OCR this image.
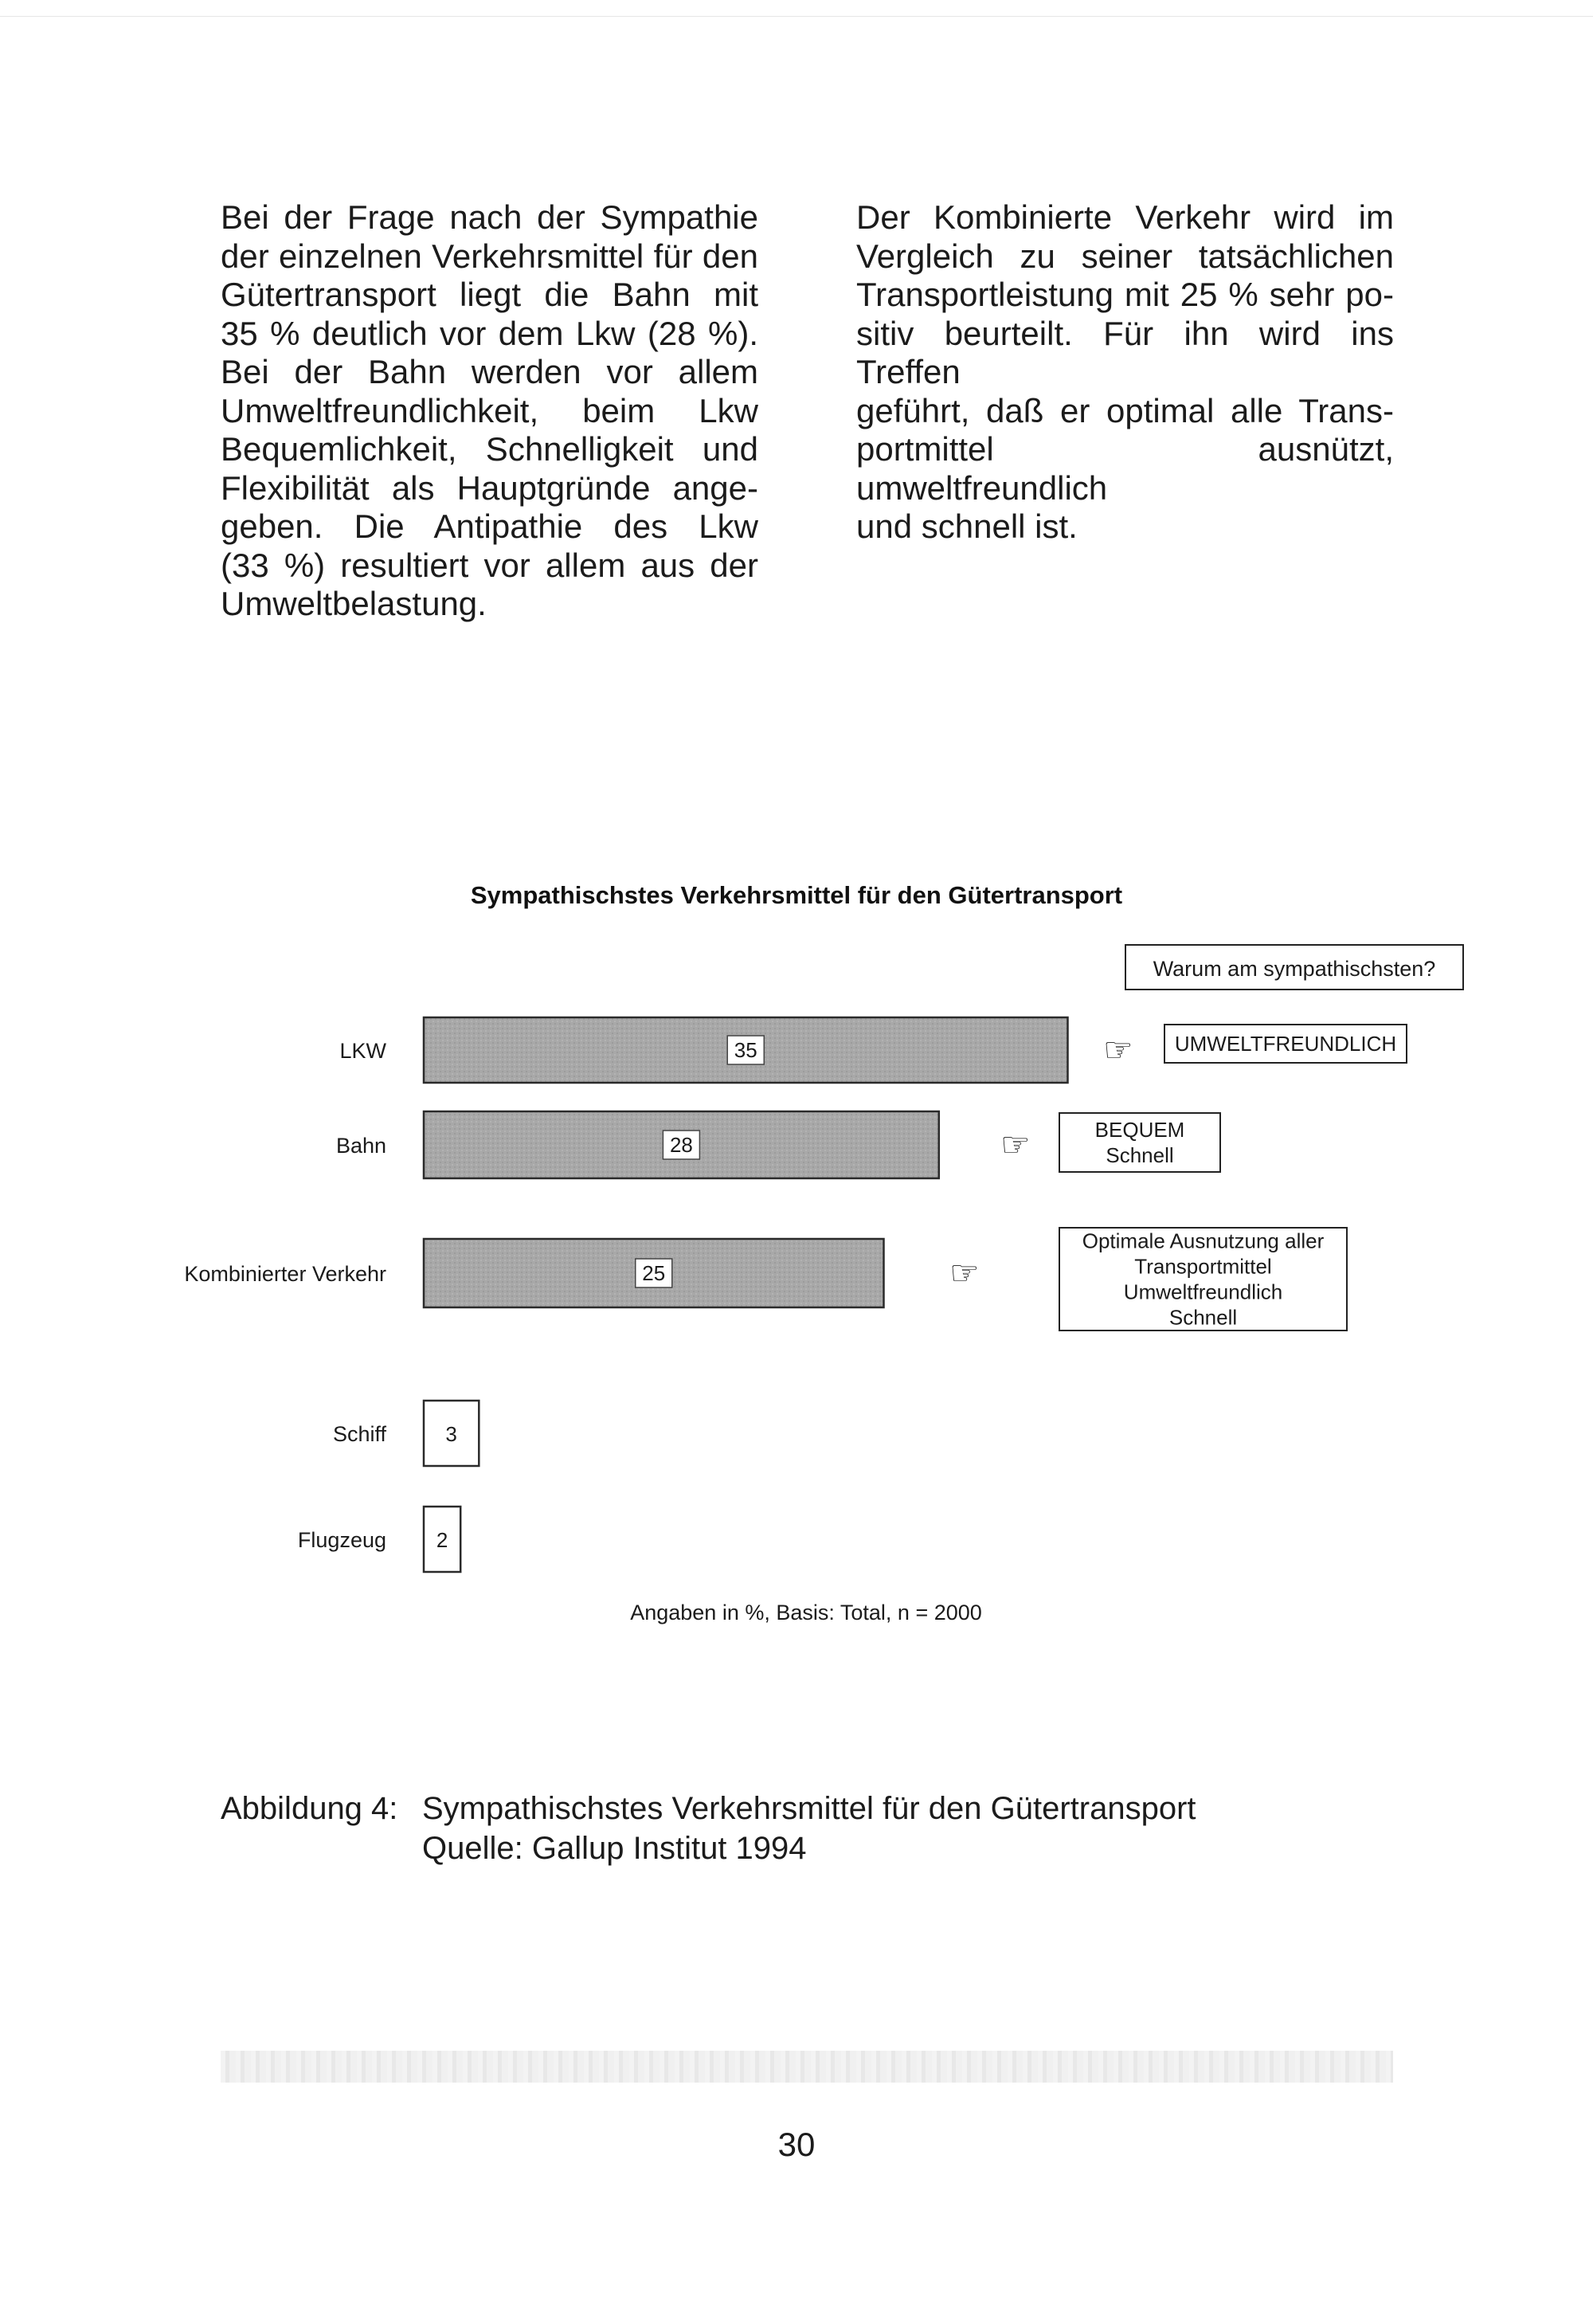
Bei der Frage nach der Sympathie

der einzelnen Verkehrsmittel für den

Gütertransport liegt die Bahn mit

35 % deutlich vor dem Lkw (28 %).

Bei der Bahn werden vor allem

Umweltfreundlichkeit, beim Lkw

Bequemlichkeit, Schnelligkeit und

Flexibilität als Hauptgründe ange-

geben. Die Antipathie des Lkw

(33 %) resultiert vor allem aus der

Umweltbelastung.

Der Kombinierte Verkehr wird im

Vergleich zu seiner tatsächlichen

Transportleistung mit 25 % sehr po-

sitiv beurteilt. Für ihn wird ins Treffen

geführt, daß er optimal alle Trans-

portmittel ausnützt, umweltfreundlich

und schnell ist.

Sympathischstes Verkehrsmittel für den Gütertransport
LKW	35	☞ UMWELTFREUNDLICH
Bahn	28	☞	BEQUEM
Schnell
Kombinierter Verkehr	25	☞
Optimale Ausnutzung aller
Transportmittel
Umweltfreundlich
Schnell
Schiff	3
Flugzeug 2
Warum am sympathischsten?
Angaben in %, Basis: Total, n = 2000
Abbildung 4: Sympathischstes Verkehrsmittel für den Gütertransport
Quelle: Gallup Institut 1994
30
